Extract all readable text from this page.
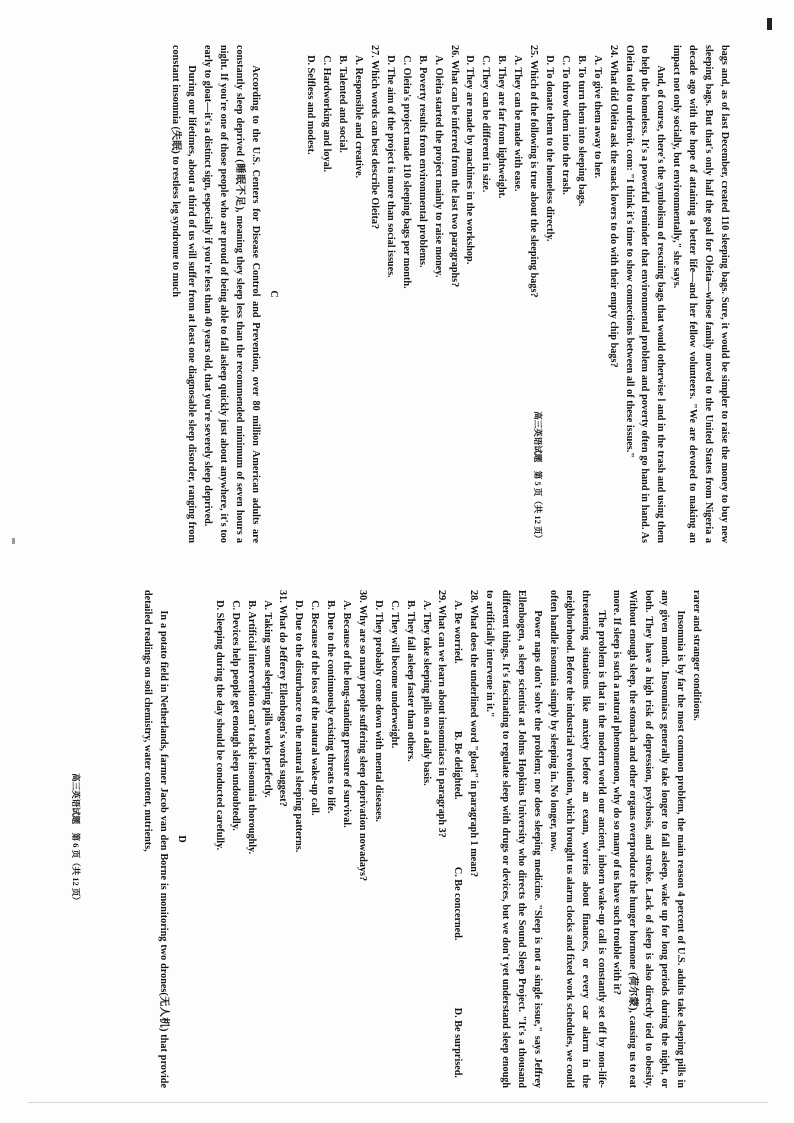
bags and, as of last December, created 110 sleeping bags. Sure, it would be simpler to raise the money to buy new sleeping bags. But that's only half the goal for Oleita—whose family moved to the United States from Nigeria a decade ago with the hope of attaining a better life—and her fellow volunteers. "We are devoted to making an impact not only socially, but environmentally," she says.

And, of course, there's the symbolism of rescuing bags that would otherwise l and in the trash and using them to help the homeless. It's a powerful reminder that environmental problem and poverty often go hand in hand. As Oleita told to urdetroit. com: "I think it's time to show connections between all of these issues."

24. What did Oleita ask the snack lovers to do with their empty chip bags?

A. To give them away to her.

B. To turn them into sleeping bags.

C. To throw them into the trash.

D. To donate them to the homeless directly.

25. Which of the following is true about the sleeping bags?

A. They can be made with ease.

B. They are far from lightweight.

C. They can be different in size.

D. They are made by machines in the workshop.

26. What can be inferred from the last two paragraphs?

A. Oleita started the project mainly to raise money.

B. Poverty results from environmental problems.

C. Oleita's project made 110 sleeping bags per month.

D. The aim of the project is more than social issues.

27. Which words can best describe Oleita?

A. Responsible and creative.

B. Talented and social.

C. Hardworking and loyal.

D. Selfless and modest.

C

According to the U.S. Centers for Disease Control and Prevention, over 80 million American adults are constantly sleep deprived (睡眠不足), meaning they sleep less than the recommended minimum of seven hours a night. If you're one of those people who are proud of being able to fall asleep quickly just about anywhere, it's too early to gloat—it's a distinct sign, especially if you're less than 40 years old, that you're severely sleep deprived.

During our lifetimes, about a third of us will suffer from at least one diagnosable sleep disorder, ranging from constant insomnia (失眠) to restless leg syndrome to much

高三英语试题　第 5 页（共 12 页）

rarer and stranger conditions.

Insomnia is by far the most common problem, the main reason 4 percent of U.S. adults take sleeping pills in any given month. Insomniacs generally take longer to fall asleep, wake up for long periods during the night, or both. They have a high risk of depression, psychosis, and stroke. Lack of sleep is also directly tied to obesity. Without enough sleep, the stomach and other organs overproduce the hunger hormone (荷尔蒙), causing us to eat more. If sleep is such a natural phenomenon, why do so many of us have such trouble with it?

The problem is that in the modern world our ancient, inborn wake-up call is constantly set off by non-life-threatening situations like anxiety before an exam, worries about finances, or every car alarm in the neighborhood. Before the industrial revolution, which brought us alarm clocks and fixed work schedules, we could often handle insomnia simply by sleeping in. No longer, now.

Power naps don't solve the problem; nor does sleeping medicine. "Sleep is not a single issue," says Jeffrey Ellenbogen, a sleep scientist at Johns Hopkins University who directs the Sound Sleep Project. "It's a thousand different things. It's fascinating to regulate sleep with drugs or devices, but we don't yet understand sleep enough to artificially intervene in it."

28. What does the underlined word "gloat" in paragraph 1 mean?

A. Be worried.
B. Be delighted.
C. Be concerned.
D. Be surprised.

29. What can we learn about insomniacs in paragraph 3?

A. They take sleeping pills on a daily basis.

B. They fall asleep faster than others.

C. They will become underweight.

D. They probably come down with mental diseases.

30. Why are so many people suffering sleep deprivation nowadays?

A. Because of the long-standing pressure of survival.

B. Due to the continuously existing threats to life.

C. Because of the loss of the natural wake-up call.

D. Due to the disturbance to the natural sleeping patterns.

31. What do Jefferey Ellenbogen's words suggest?

A. Taking some sleeping pills works perfectly.

B. Artificial intervention can't tackle insomnia thoroughly.

C. Devices help people get enough sleep undoubtedly.

D. Sleeping during the day should be conducted carefully.

D

In a potato field in Netherlands, farmer Jacob van den Borne is monitoring two drones(无人机) that provide detailed readings on soil chemistry, water content, nutrients,

高三英语试题　第 6 页（共 12 页）
